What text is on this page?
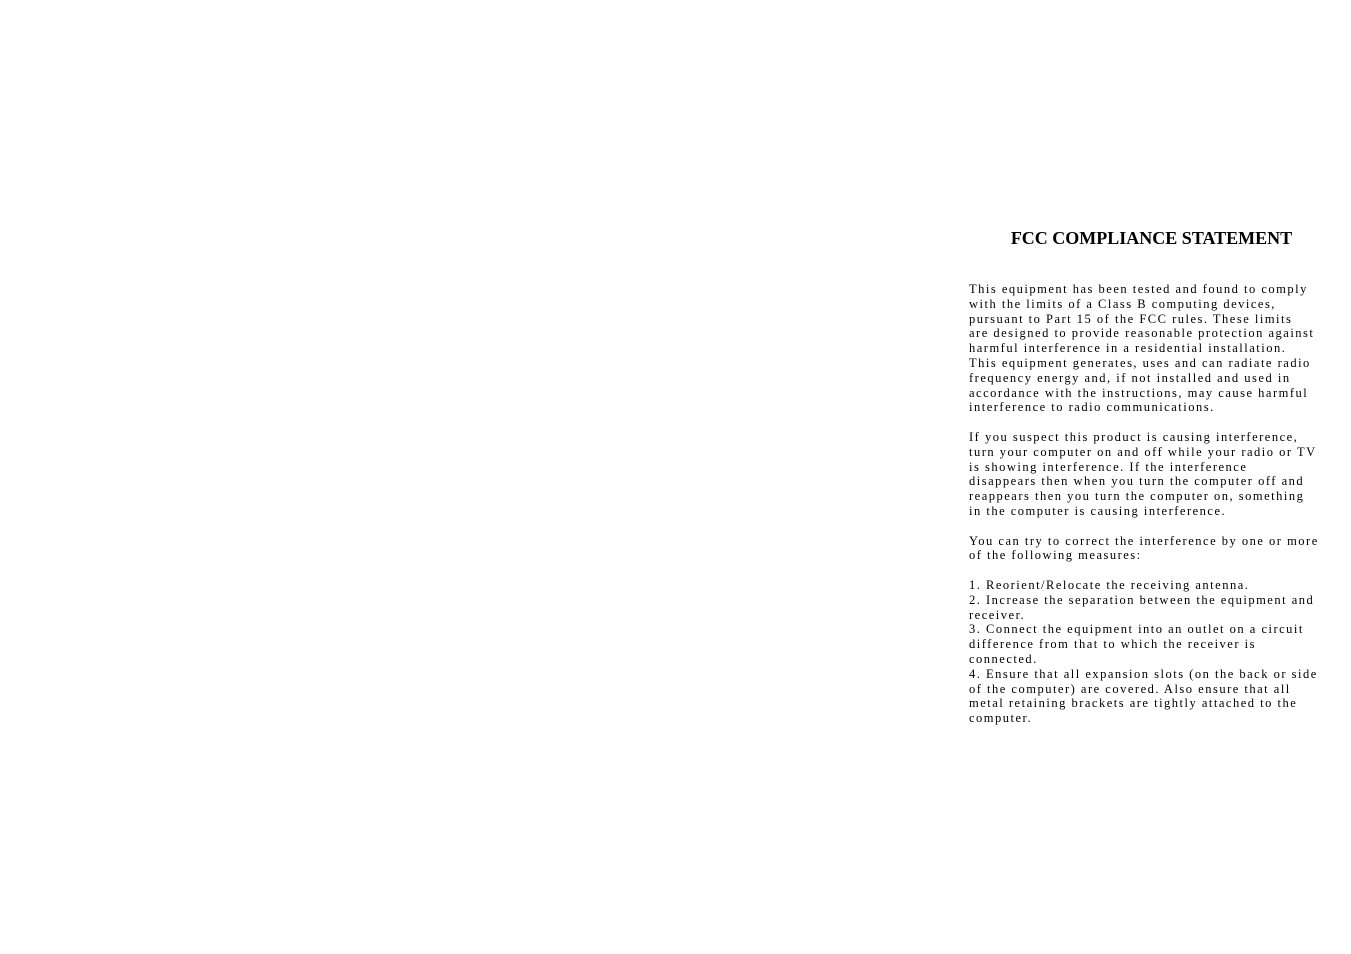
FCC COMPLIANCE STATEMENT

This equipment has been tested and found to comply
with the limits of a Class B computing devices,
pursuant to Part 15 of the FCC rules. These limits
are designed to provide reasonable protection against
harmful interference in a residential installation.
This equipment generates, uses and can radiate radio
frequency energy and, if not installed and used in
accordance with the instructions, may cause harmful
interference to radio communications.

If you suspect this product is causing interference,
turn your computer on and off while your radio or TV
is showing interference. If the interference
disappears then when you turn the computer off and
reappears then you turn the computer on, something
in the computer is causing interference.

You can try to correct the interference by one or more
of the following measures:

1. Reorient/Relocate the receiving antenna.
2. Increase the separation between the equipment and
receiver.
3. Connect the equipment into an outlet on a circuit
difference from that to which the receiver is
connected.
4. Ensure that all expansion slots (on the back or side
of the computer) are covered. Also ensure that all
metal retaining brackets are tightly attached to the
computer.
